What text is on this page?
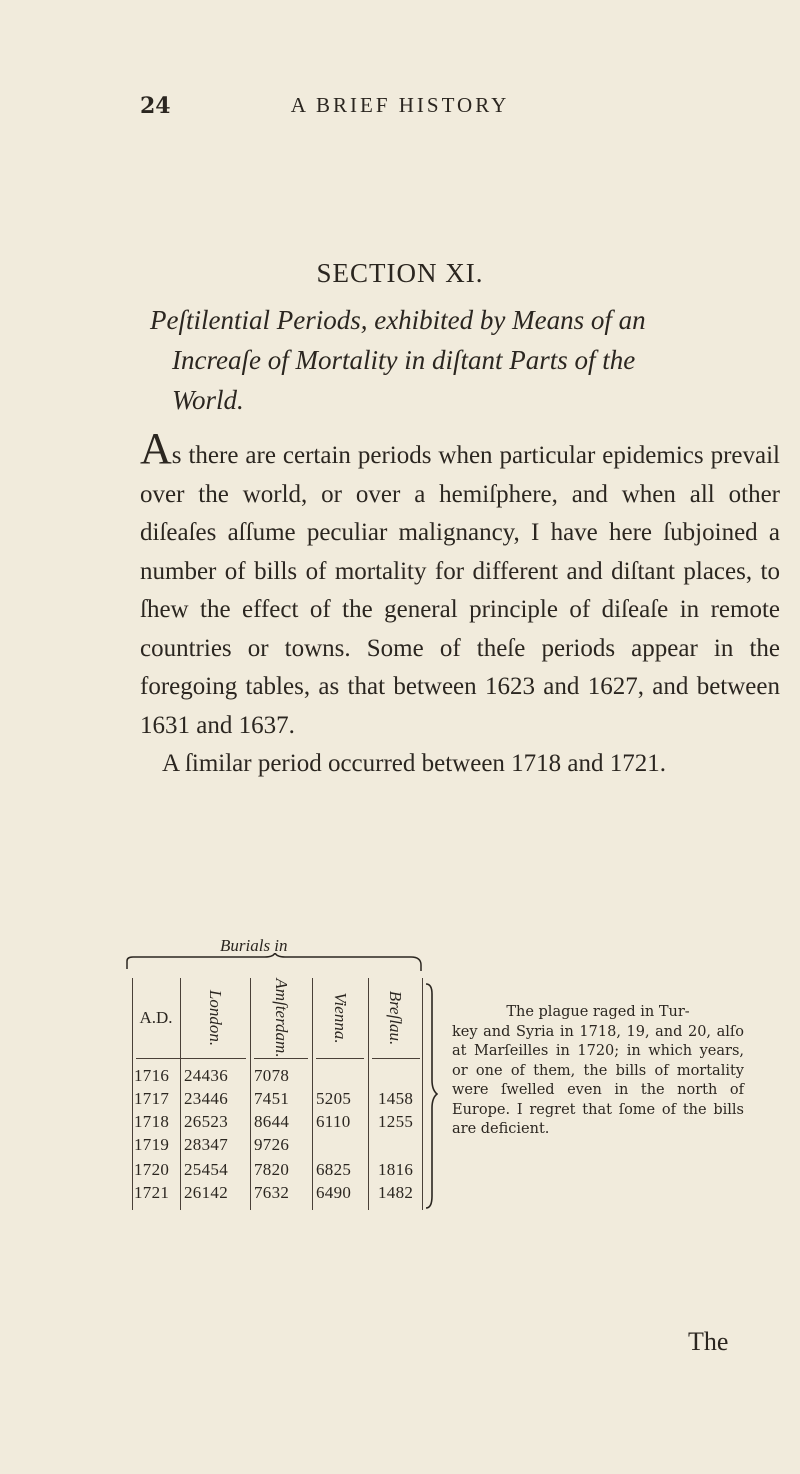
24	A BRIEF HISTORY
SECTION XI.
Peſtilential Periods, exhibited by Means of an
Increaſe of Mortality in diſtant Parts of the
World.

As there are certain periods when particular epidemics prevail over the world, or over a hemiſphere, and when all other diſeaſes aſſume peculiar malignancy, I have here ſubjoined a number of bills of mortality for different and diſtant places, to ſhew the effect of the general principle of diſeaſe in remote countries or towns. Some of theſe periods appear in the foregoing tables, as that between 1623 and 1627, and between 1631 and 1637.

A ſimilar period occurred between 1718 and 1721.

Burials in
A.D.	London.	Amſterdam. Vienna. Breſlau.
1716 24436 7078
1717 23446 7451 5205 1458
1718 26523 8644 6110 1255
1719 28347 9726
1720 25454 7820 6825 1816
1721 26142 7632 6490 1482
The plague raged in Tur-
key and Syria in 1718, 19, and 20, alſo at Marſeilles in 1720; in which years, or one of them, the bills of mortality were ſwelled even in the north of Europe. I regret that ſome of the bills are deficient.
The
